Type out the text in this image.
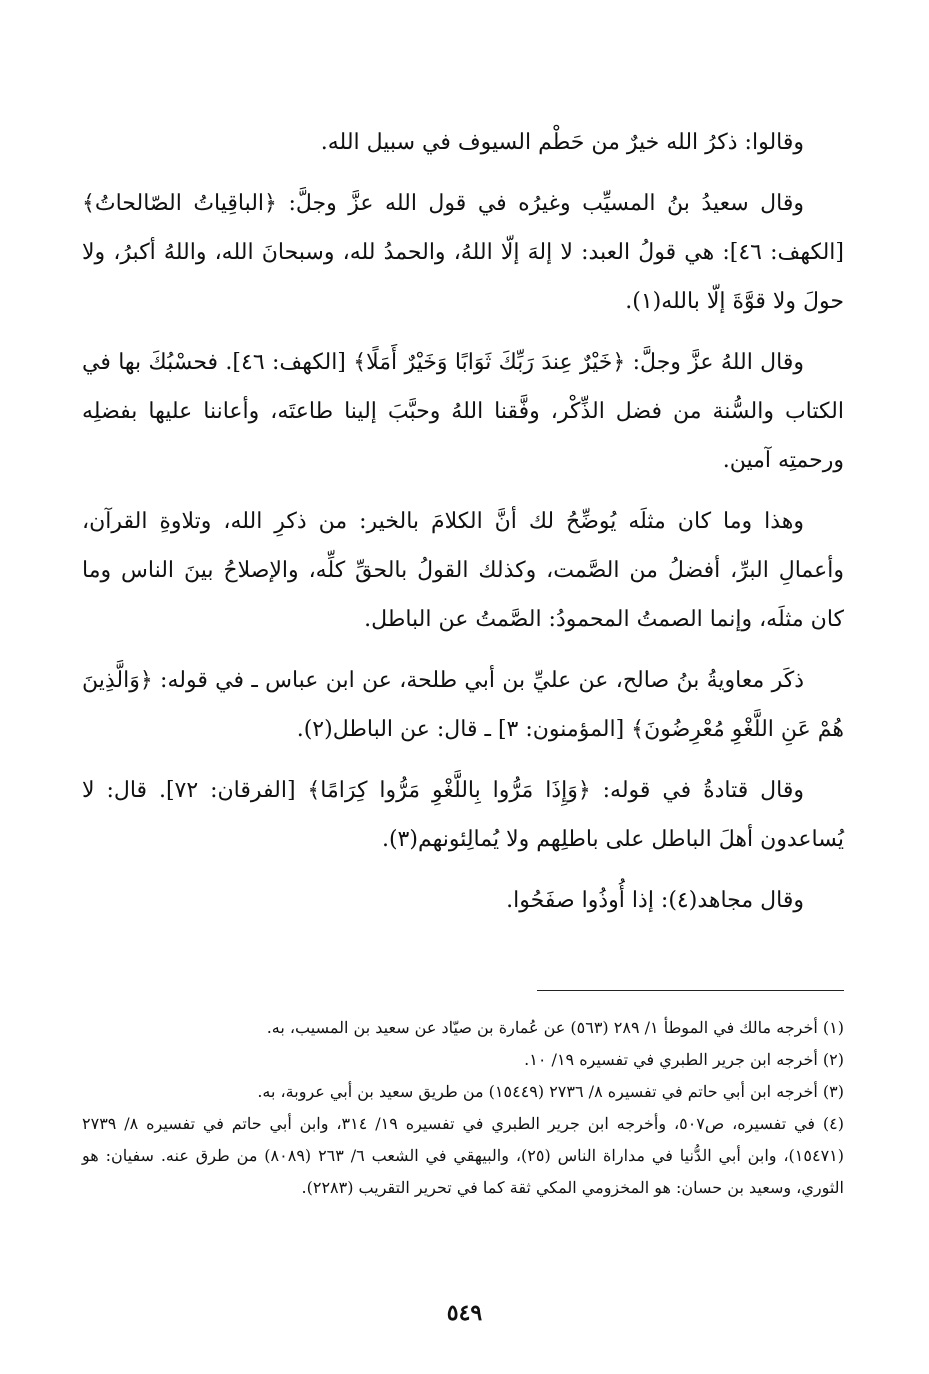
وقالوا: ذكرُ الله خيرٌ من حَطْم السيوف في سبيل الله.

وقال سعيدُ بنُ المسيِّب وغيرُه في قول الله عزَّ وجلَّ: ﴿الباقِياتُ الصّالحاتُ﴾ [الكهف: ٤٦]: هي قولُ العبد: لا إلهَ إلّا اللهُ، والحمدُ لله، وسبحانَ الله، واللهُ أكبرُ، ولا حولَ ولا قوَّةَ إلّا بالله(١).

وقال اللهُ عزَّ وجلَّ: ﴿خَيْرٌ عِندَ رَبِّكَ ثَوَابًا وَخَيْرٌ أَمَلًا﴾ [الكهف: ٤٦]. فحسْبُكَ بها في الكتاب والسُّنة من فضل الذِّكْر، وفَّقنا اللهُ وحبَّبَ إلينا طاعتَه، وأعاننا عليها بفضلِه ورحمتِه آمين.

وهذا وما كان مثلَه يُوضِّحُ لك أنَّ الكلامَ بالخير: من ذكرِ الله، وتلاوةِ القرآن، وأعمالِ البرِّ، أفضلُ من الصَّمت، وكذلك القولُ بالحقِّ كلِّه، والإصلاحُ بينَ الناس وما كان مثلَه، وإنما الصمتُ المحمودُ: الصَّمتُ عن الباطل.

ذكَر معاويةُ بنُ صالح، عن عليِّ بن أبي طلحة، عن ابن عباس ـ في قوله: ﴿وَالَّذِينَ هُمْ عَنِ اللَّغْوِ مُعْرِضُونَ﴾ [المؤمنون: ٣] ـ قال: عن الباطل(٢).

وقال قتادةُ في قوله: ﴿وَإِذَا مَرُّوا بِاللَّغْوِ مَرُّوا كِرَامًا﴾ [الفرقان: ٧٢]. قال: لا يُساعدون أهلَ الباطل على باطلِهم ولا يُمالِئونهم(٣).

وقال مجاهد(٤): إذا أُوذُوا صفَحُوا.

(١) أخرجه مالك في الموطأ ١/ ٢٨٩ (٥٦٣) عن عُمارة بن صيّاد عن سعيد بن المسيب، به.

(٢) أخرجه ابن جرير الطبري في تفسيره ١٩/ ١٠.

(٣) أخرجه ابن أبي حاتم في تفسيره ٨/ ٢٧٣٦ (١٥٤٤٩) من طريق سعيد بن أبي عروبة، به.

(٤) في تفسيره، ص٥٠٧، وأخرجه ابن جرير الطبري في تفسيره ١٩/ ٣١٤، وابن أبي حاتم في تفسيره ٨/ ٢٧٣٩ (١٥٤٧١)، وابن أبي الدُّنيا في مداراة الناس (٢٥)، والبيهقي في الشعب ٦/ ٢٦٣ (٨٠٨٩) من طرق عنه. سفيان: هو الثوري، وسعيد بن حسان: هو المخزومي المكي ثقة كما في تحرير التقريب (٢٢٨٣).

٥٤٩
